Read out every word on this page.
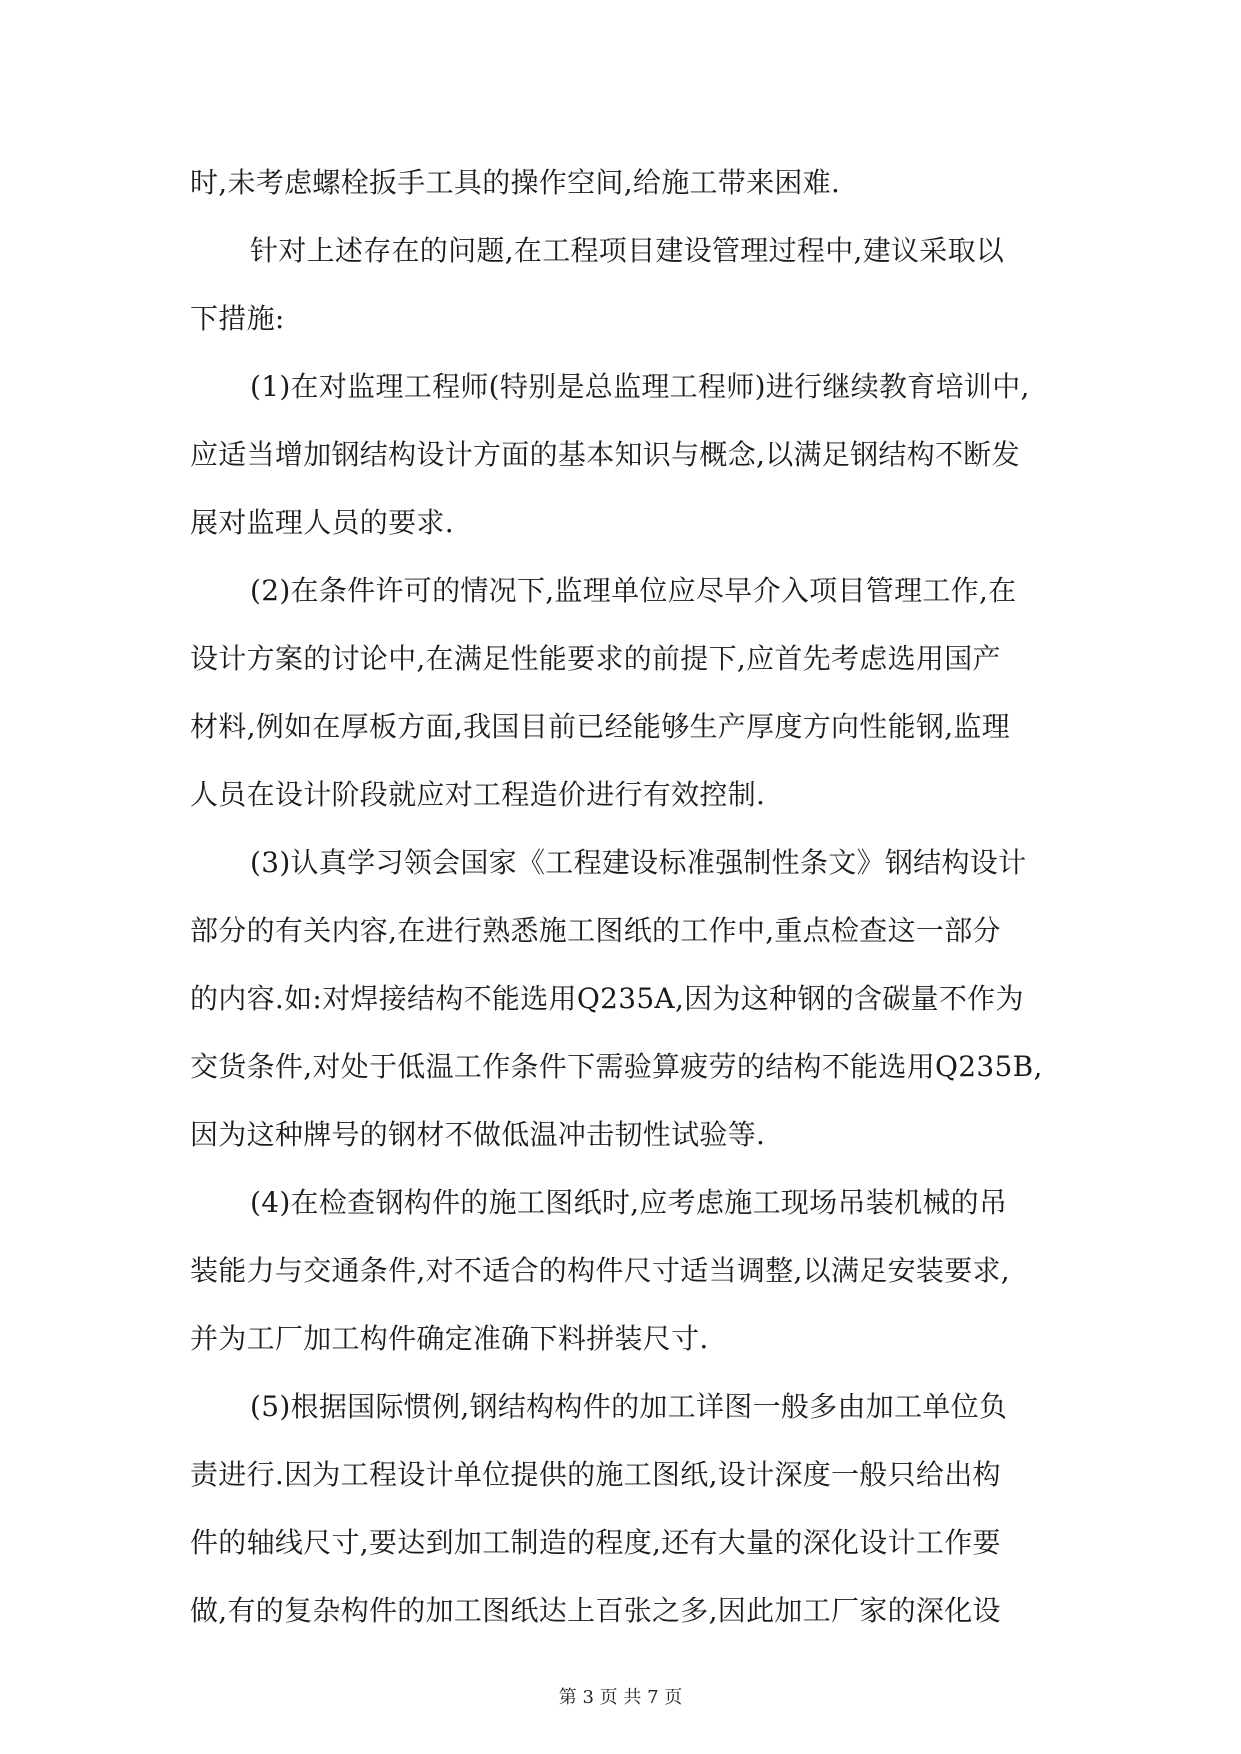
时,未考虑螺栓扳手工具的操作空间,给施工带来困难.
针对上述存在的问题,在工程项目建设管理过程中,建议采取以
下措施:
(1)在对监理工程师(特别是总监理工程师)进行继续教育培训中,
应适当增加钢结构设计方面的基本知识与概念,以满足钢结构不断发
展对监理人员的要求.
(2)在条件许可的情况下,监理单位应尽早介入项目管理工作,在
设计方案的讨论中,在满足性能要求的前提下,应首先考虑选用国产
材料,例如在厚板方面,我国目前已经能够生产厚度方向性能钢,监理
人员在设计阶段就应对工程造价进行有效控制.
(3)认真学习领会国家《工程建设标准强制性条文》钢结构设计
部分的有关内容,在进行熟悉施工图纸的工作中,重点检查这一部分
的内容.如:对焊接结构不能选用Q235A,因为这种钢的含碳量不作为
交货条件,对处于低温工作条件下需验算疲劳的结构不能选用Q235B,
因为这种牌号的钢材不做低温冲击韧性试验等.
(4)在检查钢构件的施工图纸时,应考虑施工现场吊装机械的吊
装能力与交通条件,对不适合的构件尺寸适当调整,以满足安装要求,
并为工厂加工构件确定准确下料拼装尺寸.
(5)根据国际惯例,钢结构构件的加工详图一般多由加工单位负
责进行.因为工程设计单位提供的施工图纸,设计深度一般只给出构
件的轴线尺寸,要达到加工制造的程度,还有大量的深化设计工作要
做,有的复杂构件的加工图纸达上百张之多,因此加工厂家的深化设
第 3 页 共 7 页
